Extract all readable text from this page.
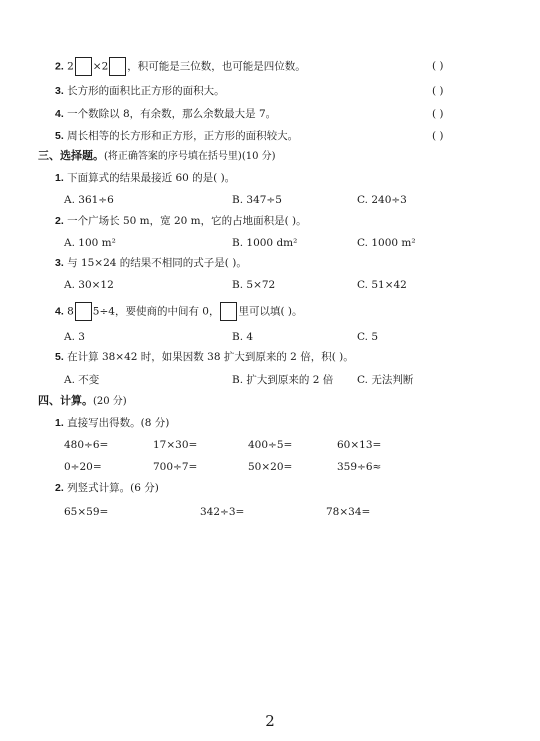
2. 2 ×2 ，积可能是三位数，也可能是四位数。	( )
3. 长方形的面积比正方形的面积大。	( )
4. 一个数除以 8，有余数，那么余数最大是 7。	( )
5. 周长相等的长方形和正方形，正方形的面积较大。	( )
三、选择题。(将正确答案的序号填在括号里)(10 分)
1. 下面算式的结果最接近 60 的是( )。
A. 361÷6	B. 347÷5	C. 240÷3
2. 一个广场长 50 m，宽 20 m，它的占地面积是( )。
A. 100 m²	B. 1000 dm²	C. 1000 m²
3. 与 15×24 的结果不相同的式子是( )。
A. 30×12	B. 5×72	C. 51×42
4. 8 5÷4，要使商的中间有 0， 里可以填( )。
A. 3	B. 4	C. 5
5. 在计算 38×42 时，如果因数 38 扩大到原来的 2 倍，积( )。
A. 不变	B. 扩大到原来的 2 倍 C. 无法判断
四、计算。(20 分)
1. 直接写出得数。(8 分)
480÷6=	17×30=	400÷5=	60×13=
0÷20=	700÷7=	50×20=	359÷6≈
2. 列竖式计算。(6 分)
65×59=	342÷3=	78×34=
2
